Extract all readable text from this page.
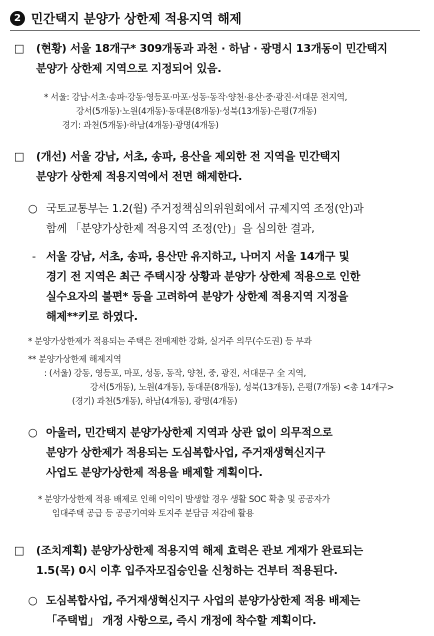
2 민간택지 분양가 상한제 적용지역 해제
□	(현황) 서울 18개구* 309개동과 과천 · 하남 · 광명시 13개동이 민간택지
분양가 상한제 지역으로 지정되어 있음.
* 서울: 강남·서초·송파·강동·영등포·마포·성동·동작·양천·용산·중·광진·서대문 전지역,
강서(5개동)·노원(4개동)·동대문(8개동)·성북(13개동)·은평(7개동)
경기: 과천(5개동)·하남(4개동)·광명(4개동)
□	(개선) 서울 강남, 서초, 송파, 용산을 제외한 전 지역을 민간택지
분양가 상한제 적용지역에서 전면 해제한다.
○ 국토교통부는 1.2(월) 주거정책심의위원회에서 규제지역 조정(안)과
함께 「분양가상한제 적용지역 조정(안)」을 심의한 결과,
- 서울 강남, 서초, 송파, 용산만 유지하고, 나머지 서울 14개구 및
경기 전 지역은 최근 주택시장 상황과 분양가 상한제 적용으로 인한
실수요자의 불편* 등을 고려하여 분양가 상한제 적용지역 지정을
해제**키로 하였다.
* 분양가상한제가 적용되는 주택은 전매제한 강화, 실거주 의무(수도권) 등 부과
** 분양가상한제 해제지역
: (서울) 강동, 영등포, 마포, 성동, 동작, 양천, 중, 광진, 서대문구 全 지역,
강서(5개동), 노원(4개동), 동대문(8개동), 성북(13개동), 은평(7개동) <총 14개구>
(경기) 과천(5개동), 하남(4개동), 광명(4개동)
○ 아울러, 민간택지 분양가상한제 지역과 상관 없이 의무적으로
분양가 상한제가 적용되는 도심복합사업, 주거재생혁신지구
사업도 분양가상한제 적용을 배제할 계획이다.
* 분양가상한제 적용 배제로 인해 이익이 발생할 경우 생활 SOC 확충 및 공공자가
임대주택 공급 등 공공기여와 토지주 분담금 저감에 활용
□	(조치계획) 분양가상한제 적용지역 해제 효력은 관보 게재가 완료되는
1.5(목) 0시 이후 입주자모집승인을 신청하는 건부터 적용된다.
○ 도심복합사업, 주거재생혁신지구 사업의 분양가상한제 적용 배제는
「주택법」 개정 사항으로, 즉시 개정에 착수할 계획이다.
